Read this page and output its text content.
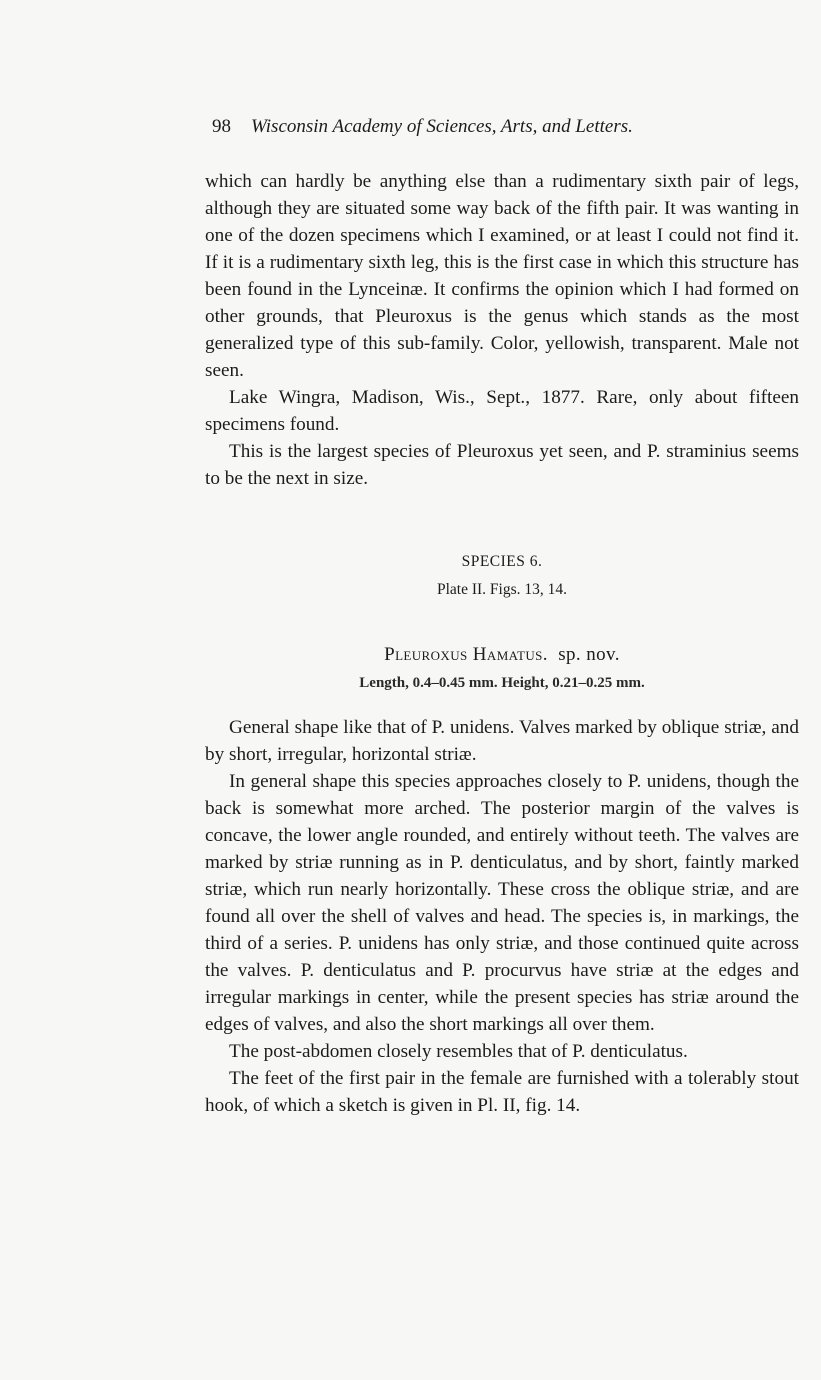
98 Wisconsin Academy of Sciences, Arts, and Letters.

which can hardly be anything else than a rudimentary sixth pair of legs, although they are situated some way back of the fifth pair. It was wanting in one of the dozen specimens which I examined, or at least I could not find it. If it is a rudimentary sixth leg, this is the first case in which this structure has been found in the Lynceinæ. It confirms the opinion which I had formed on other grounds, that Pleuroxus is the genus which stands as the most generalized type of this sub-family. Color, yellowish, transparent. Male not seen.

Lake Wingra, Madison, Wis., Sept., 1877. Rare, only about fifteen specimens found.

This is the largest species of Pleuroxus yet seen, and P. straminius seems to be the next in size.

SPECIES 6.
Plate II. Figs. 13, 14.
Pleuroxus Hamatus. sp. nov.
Length, 0.4–0.45 mm. Height, 0.21–0.25 mm.

General shape like that of P. unidens. Valves marked by oblique striæ, and by short, irregular, horizontal striæ.

In general shape this species approaches closely to P. unidens, though the back is somewhat more arched. The posterior margin of the valves is concave, the lower angle rounded, and entirely without teeth. The valves are marked by striæ running as in P. denticulatus, and by short, faintly marked striæ, which run nearly horizontally. These cross the oblique striæ, and are found all over the shell of valves and head. The species is, in markings, the third of a series. P. unidens has only striæ, and those continued quite across the valves. P. denticulatus and P. procurvus have striæ at the edges and irregular markings in center, while the present species has striæ around the edges of valves, and also the short markings all over them.

The post-abdomen closely resembles that of P. denticulatus.

The feet of the first pair in the female are furnished with a tolerably stout hook, of which a sketch is given in Pl. II, fig. 14.
